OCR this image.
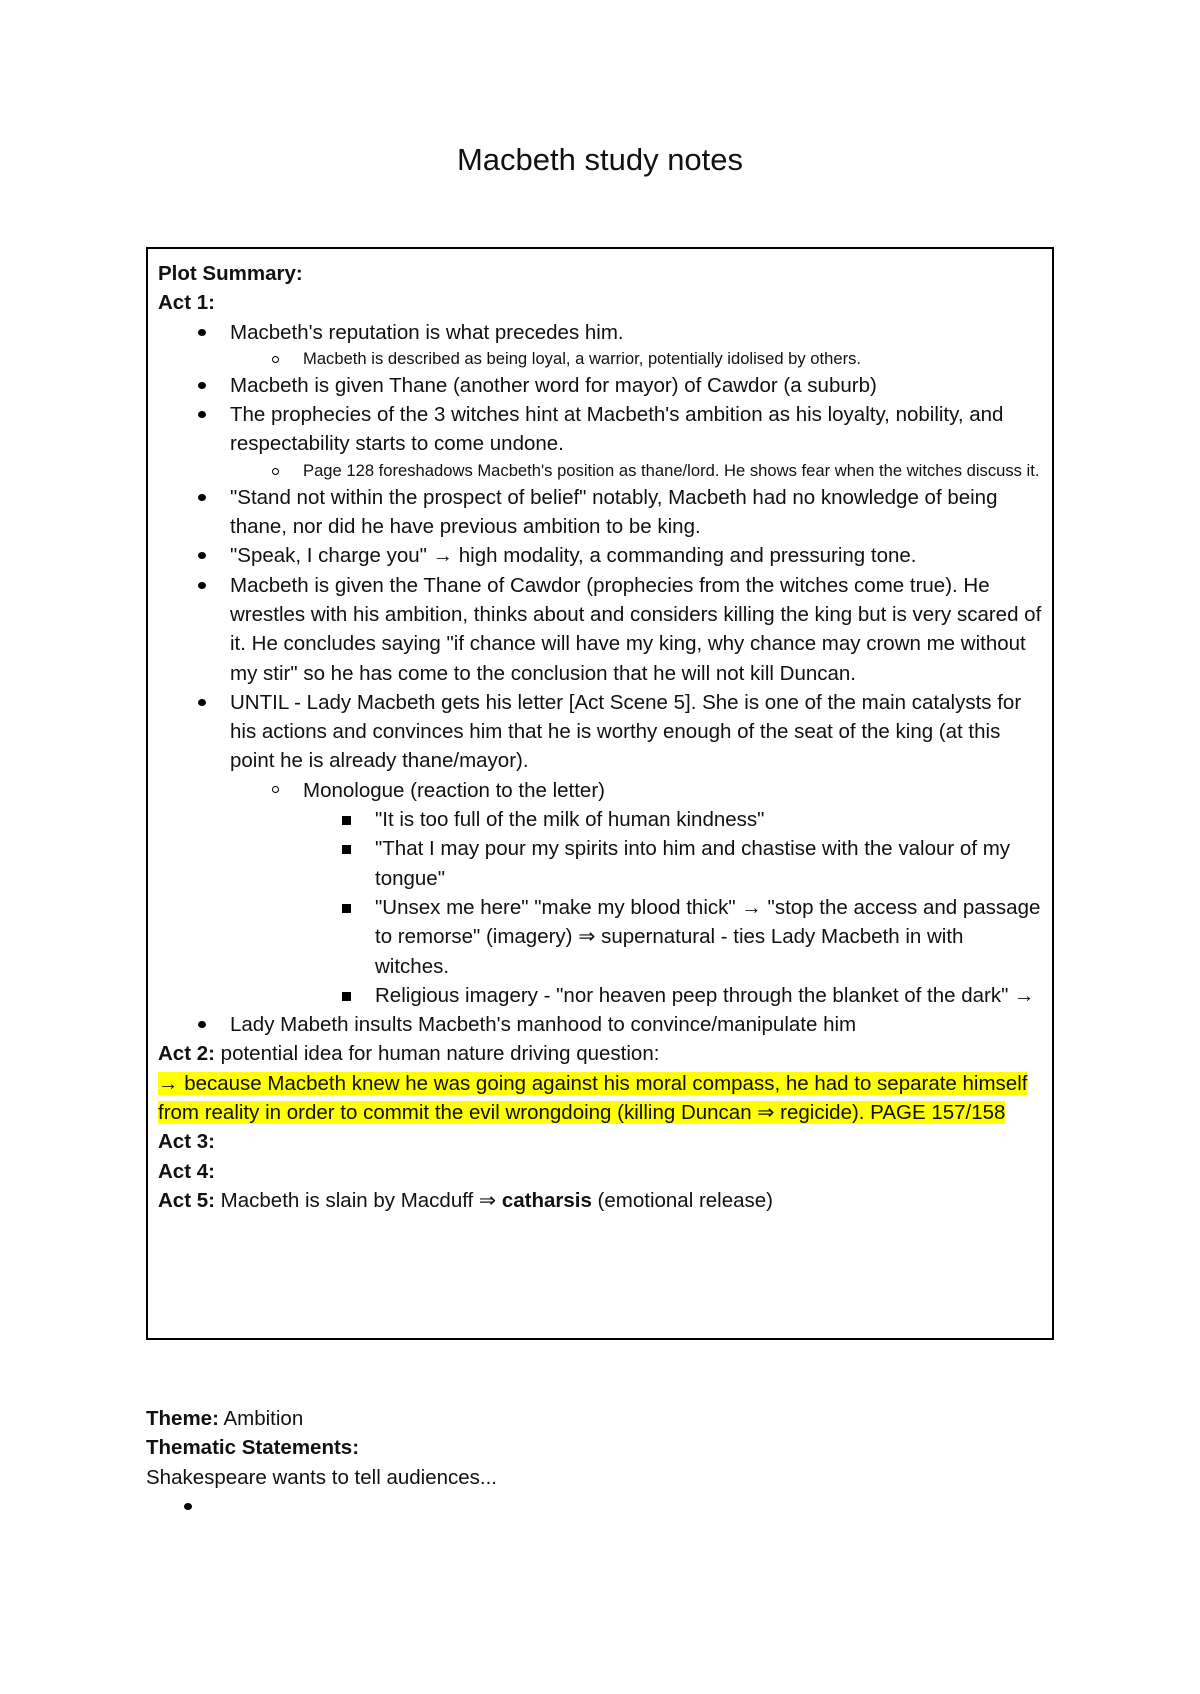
Macbeth study notes

Plot Summary:

Act 1:

Macbeth's reputation is what precedes him.
Macbeth is described as being loyal, a warrior, potentially idolised by others.
Macbeth is given Thane (another word for mayor) of Cawdor (a suburb)
The prophecies of the 3 witches hint at Macbeth's ambition as his loyalty, nobility, and respectability starts to come undone.
Page 128 foreshadows Macbeth's position as thane/lord. He shows fear when the witches discuss it.
"Stand not within the prospect of belief" notably, Macbeth had no knowledge of being thane, nor did he have previous ambition to be king.
"Speak, I charge you" → high modality, a commanding and pressuring tone.
Macbeth is given the Thane of Cawdor (prophecies from the witches come true). He wrestles with his ambition, thinks about and considers killing the king but is very scared of it. He concludes saying "if chance will have my king, why chance may crown me without my stir" so he has come to the conclusion that he will not kill Duncan.
UNTIL - Lady Macbeth gets his letter [Act Scene 5]. She is one of the main catalysts for his actions and convinces him that he is worthy enough of the seat of the king (at this point he is already thane/mayor).
Monologue (reaction to the letter)
"It is too full of the milk of human kindness"
"That I may pour my spirits into him and chastise with the valour of my tongue"
"Unsex me here" "make my blood thick" → "stop the access and passage to remorse" (imagery) ⇒ supernatural - ties Lady Macbeth in with witches.
Religious imagery - "nor heaven peep through the blanket of the dark" →
Lady Mabeth insults Macbeth's manhood to convince/manipulate him

Act 2: potential idea for human nature driving question:

→ because Macbeth knew he was going against his moral compass, he had to separate himself from reality in order to commit the evil wrongdoing (killing Duncan ⇒ regicide). PAGE 157/158

Act 3:

Act 4:

Act 5: Macbeth is slain by Macduff ⇒ catharsis (emotional release)

Theme: Ambition

Thematic Statements:

Shakespeare wants to tell audiences...
